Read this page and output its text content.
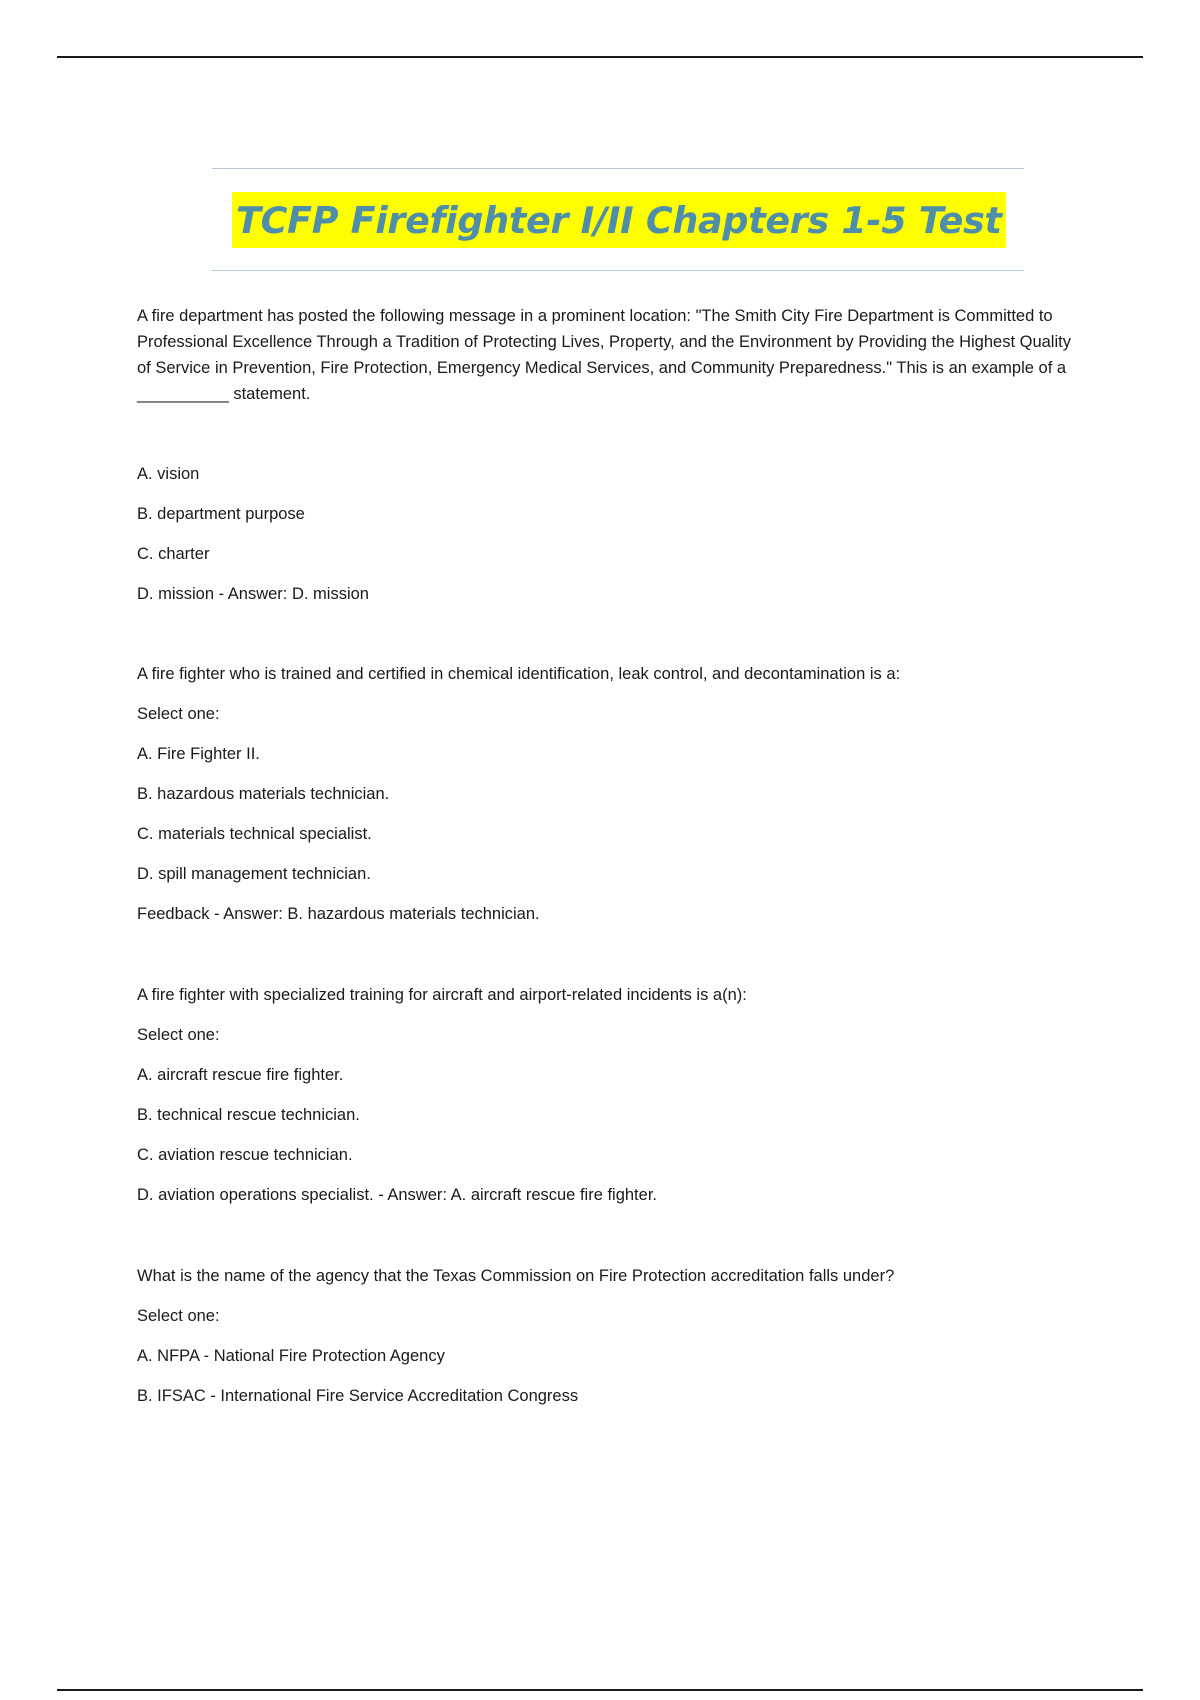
TCFP Firefighter I/II Chapters 1-5 Test

A fire department has posted the following message in a prominent location: "The Smith City Fire Department is Committed to Professional Excellence Through a Tradition of Protecting Lives, Property, and the Environment by Providing the Highest Quality of Service in Prevention, Fire Protection, Emergency Medical Services, and Community Preparedness." This is an example of a __________ statement.

A. vision

B. department purpose

C. charter

D. mission - Answer: D. mission

A fire fighter who is trained and certified in chemical identification, leak control, and decontamination is a:

Select one:

A. Fire Fighter II.

B. hazardous materials technician.

C. materials technical specialist.

D. spill management technician.

Feedback - Answer: B. hazardous materials technician.

A fire fighter with specialized training for aircraft and airport-related incidents is a(n):

Select one:

A. aircraft rescue fire fighter.

B. technical rescue technician.

C. aviation rescue technician.

D. aviation operations specialist. - Answer: A. aircraft rescue fire fighter.

What is the name of the agency that the Texas Commission on Fire Protection accreditation falls under?

Select one:

A. NFPA - National Fire Protection Agency

B. IFSAC - International Fire Service Accreditation Congress
